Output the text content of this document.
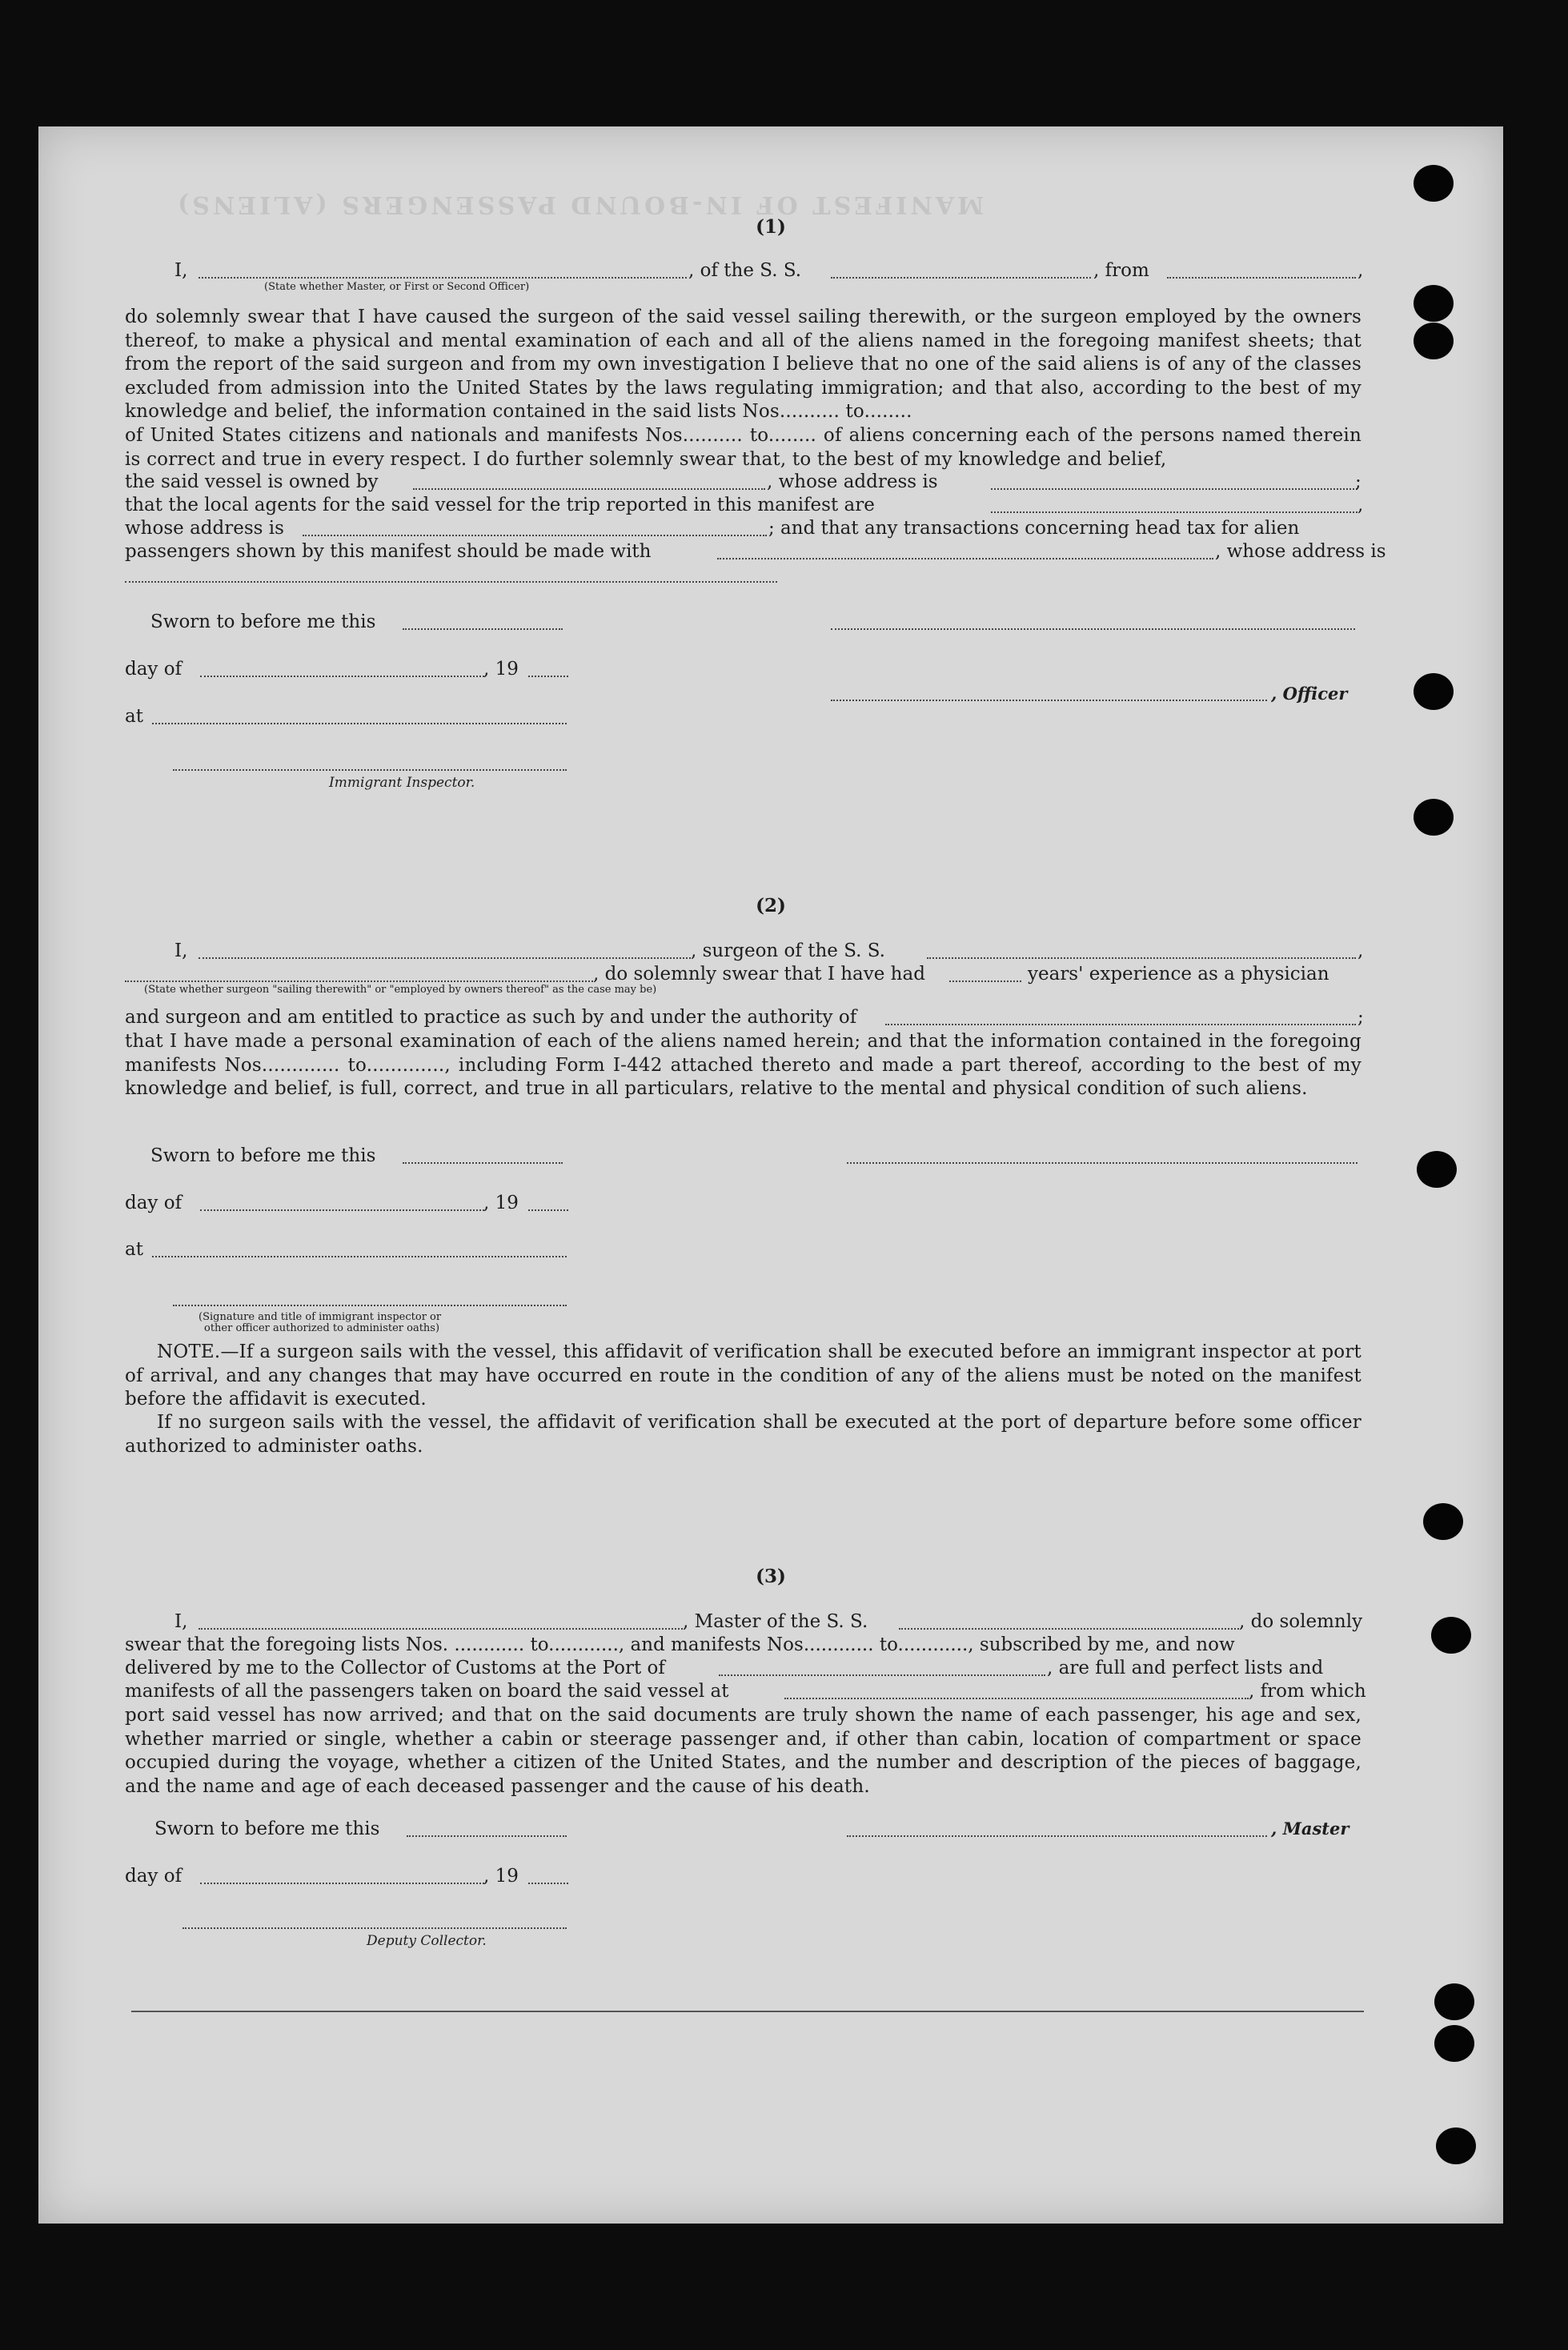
MANIFEST OF IN-BOUND PASSENGERS (ALIENS)
(1)
I,	, of the S. S.	, from	,
(State whether Master, or First or Second Officer)
do solemnly swear that I have caused the surgeon of the said vessel sailing therewith, or the surgeon employed by the owners thereof, to make a physical and mental examination of each and all of the aliens named in the foregoing manifest sheets; that from the report of the said surgeon and from my own investigation I believe that no one of the said aliens is of any of the classes excluded from admission into the United States by the laws regulating immigration; and that also, according to the best of my knowledge and belief, the information contained in the said lists Nos.......... to........
of United States citizens and nationals and manifests Nos.......... to........ of aliens concerning each of the persons named therein is correct and true in every respect. I do further solemnly swear that, to the best of my knowledge and belief,
the said vessel is owned by	, whose address is	;
that the local agents for the said vessel for the trip reported in this manifest are	,
whose address is	; and that any transactions concerning head tax for alien
passengers shown by this manifest should be made with	, whose address is
Sworn to before me this
day of	, 19
, Officer
at
Immigrant Inspector.
(2)
I,	, surgeon of the S. S.	,
, do solemnly swear that I have had	years' experience as a physician
(State whether surgeon "sailing therewith" or "employed by owners thereof" as the case may be)
and surgeon and am entitled to practice as such by and under the authority of	;
that I have made a personal examination of each of the aliens named herein; and that the information contained in the foregoing manifests Nos............. to............., including Form I-442 attached thereto and made a part thereof, according to the best of my knowledge and belief, is full, correct, and true in all particulars, relative to the mental and physical condition of such aliens.
Sworn to before me this
day of	, 19
at
(Signature and title of immigrant inspector or
other officer authorized to administer oaths)
NOTE.—If a surgeon sails with the vessel, this affidavit of verification shall be executed before an immigrant inspector at port of arrival, and any changes that may have occurred en route in the condition of any of the aliens must be noted on the manifest before the affidavit is executed.
If no surgeon sails with the vessel, the affidavit of verification shall be executed at the port of departure before some officer authorized to administer oaths.
(3)
I,	, Master of the S. S.	, do solemnly
swear that the foregoing lists Nos. ............ to............, and manifests Nos............ to............, subscribed by me, and now
delivered by me to the Collector of Customs at the Port of	, are full and perfect lists and
manifests of all the passengers taken on board the said vessel at	, from which
port said vessel has now arrived; and that on the said documents are truly shown the name of each passenger, his age and sex, whether married or single, whether a cabin or steerage passenger and, if other than cabin, location of compartment or space occupied during the voyage, whether a citizen of the United States, and the number and description of the pieces of baggage, and the name and age of each deceased passenger and the cause of his death.
Sworn to before me this	, Master
day of	, 19
Deputy Collector.
